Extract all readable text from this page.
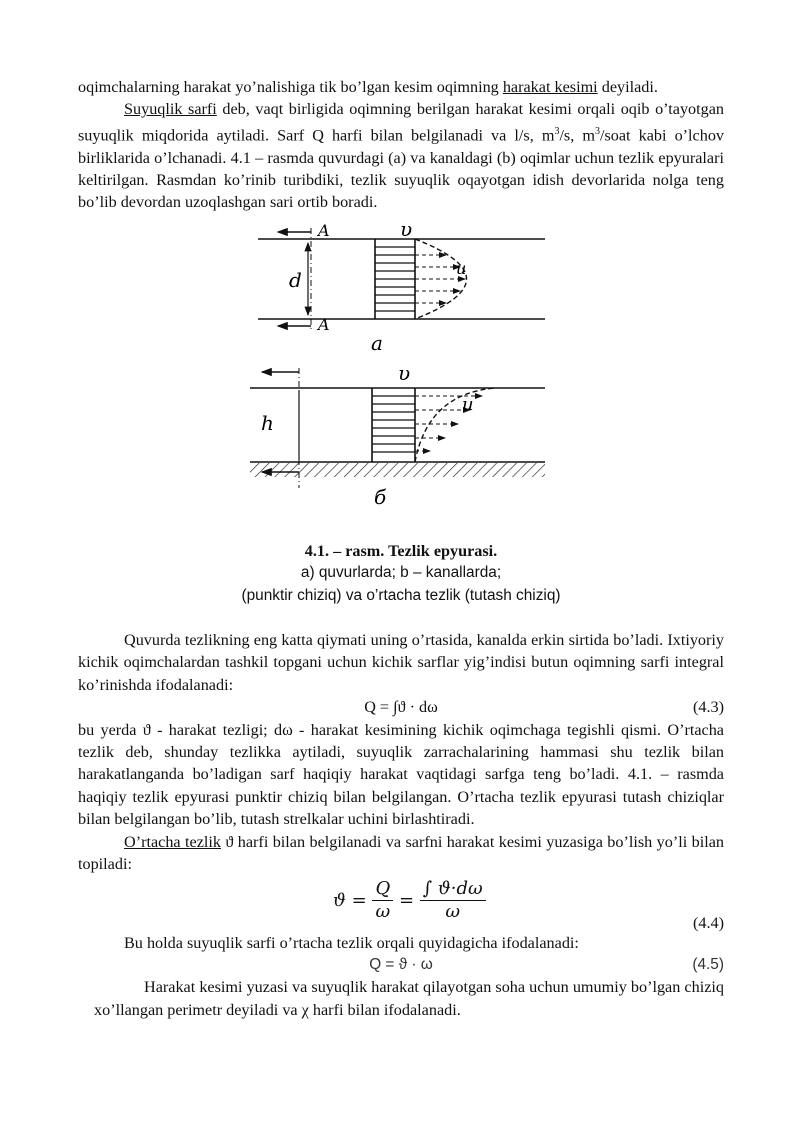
oqimchalarning harakat yo’nalishiga tik bo’lgan kesim oqimning harakat kesimi deyiladi.

Suyuqlik sarfi deb, vaqt birligida oqimning berilgan harakat kesimi orqali oqib o’tayotgan suyuqlik miqdorida aytiladi. Sarf Q harfi bilan belgilanadi va l/s, $m^3/s$, $m^3$/soat kabi o’lchov birliklarida o’lchanadi. 4.1 – rasmda quvurdagi (a) va kanaldagi (b) oqimlar uchun tezlik epyuralari keltirilgan. Rasmdan ko’rinib turibdiki, tezlik suyuqlik oqayotgan idish devorlarida nolga teng bo’lib devordan uzoqlashgan sari ortib boradi.

A
A
υ
u
d
a
υ
u
h
б
4.1. – rasm. Tezlik epyurasi.
a) quvurlarda; b – kanallarda;
(punktir chiziq) va o’rtacha tezlik (tutash chiziq)

Quvurda tezlikning eng katta qiymati uning o’rtasida, kanalda erkin sirtida bo’ladi. Ixtiyoriy kichik oqimchalardan tashkil topgani uchun kichik sarflar yig’indisi butun oqimning sarfi integral ko’rinishda ifodalanadi:

Q = ∫ϑ · dω	(4.3)

bu yerda ϑ - harakat tezligi; dω - harakat kesimining kichik oqimchaga tegishli qismi. O’rtacha tezlik deb, shunday tezlikka aytiladi, suyuqlik zarrachalarining hammasi shu tezlik bilan harakatlanganda bo’ladigan sarf haqiqiy harakat vaqtidagi sarfga teng bo’ladi. 4.1. – rasmda haqiqiy tezlik epyurasi punktir chiziq bilan belgilangan. O’rtacha tezlik epyurasi tutash chiziqlar bilan belgilangan bo’lib, tutash strelkalar uchini birlashtiradi.

O’rtacha tezlik ϑ harfi bilan belgilanadi va sarfni harakat kesimi yuzasiga bo’lish yo’li bilan topiladi:

$ϑ = \frac{Q}{\omega} = \frac{\int ϑ\cdot d\omega}{\omega}$	(4.4)

Bu holda suyuqlik sarfi o’rtacha tezlik orqali quyidagicha ifodalanadi:

Q = ϑ · ω	(4.5)

Harakat kesimi yuzasi va suyuqlik harakat qilayotgan soha uchun umumiy bo’lgan chiziq xo’llangan perimetr deyiladi va χ harfi bilan ifodalanadi.
